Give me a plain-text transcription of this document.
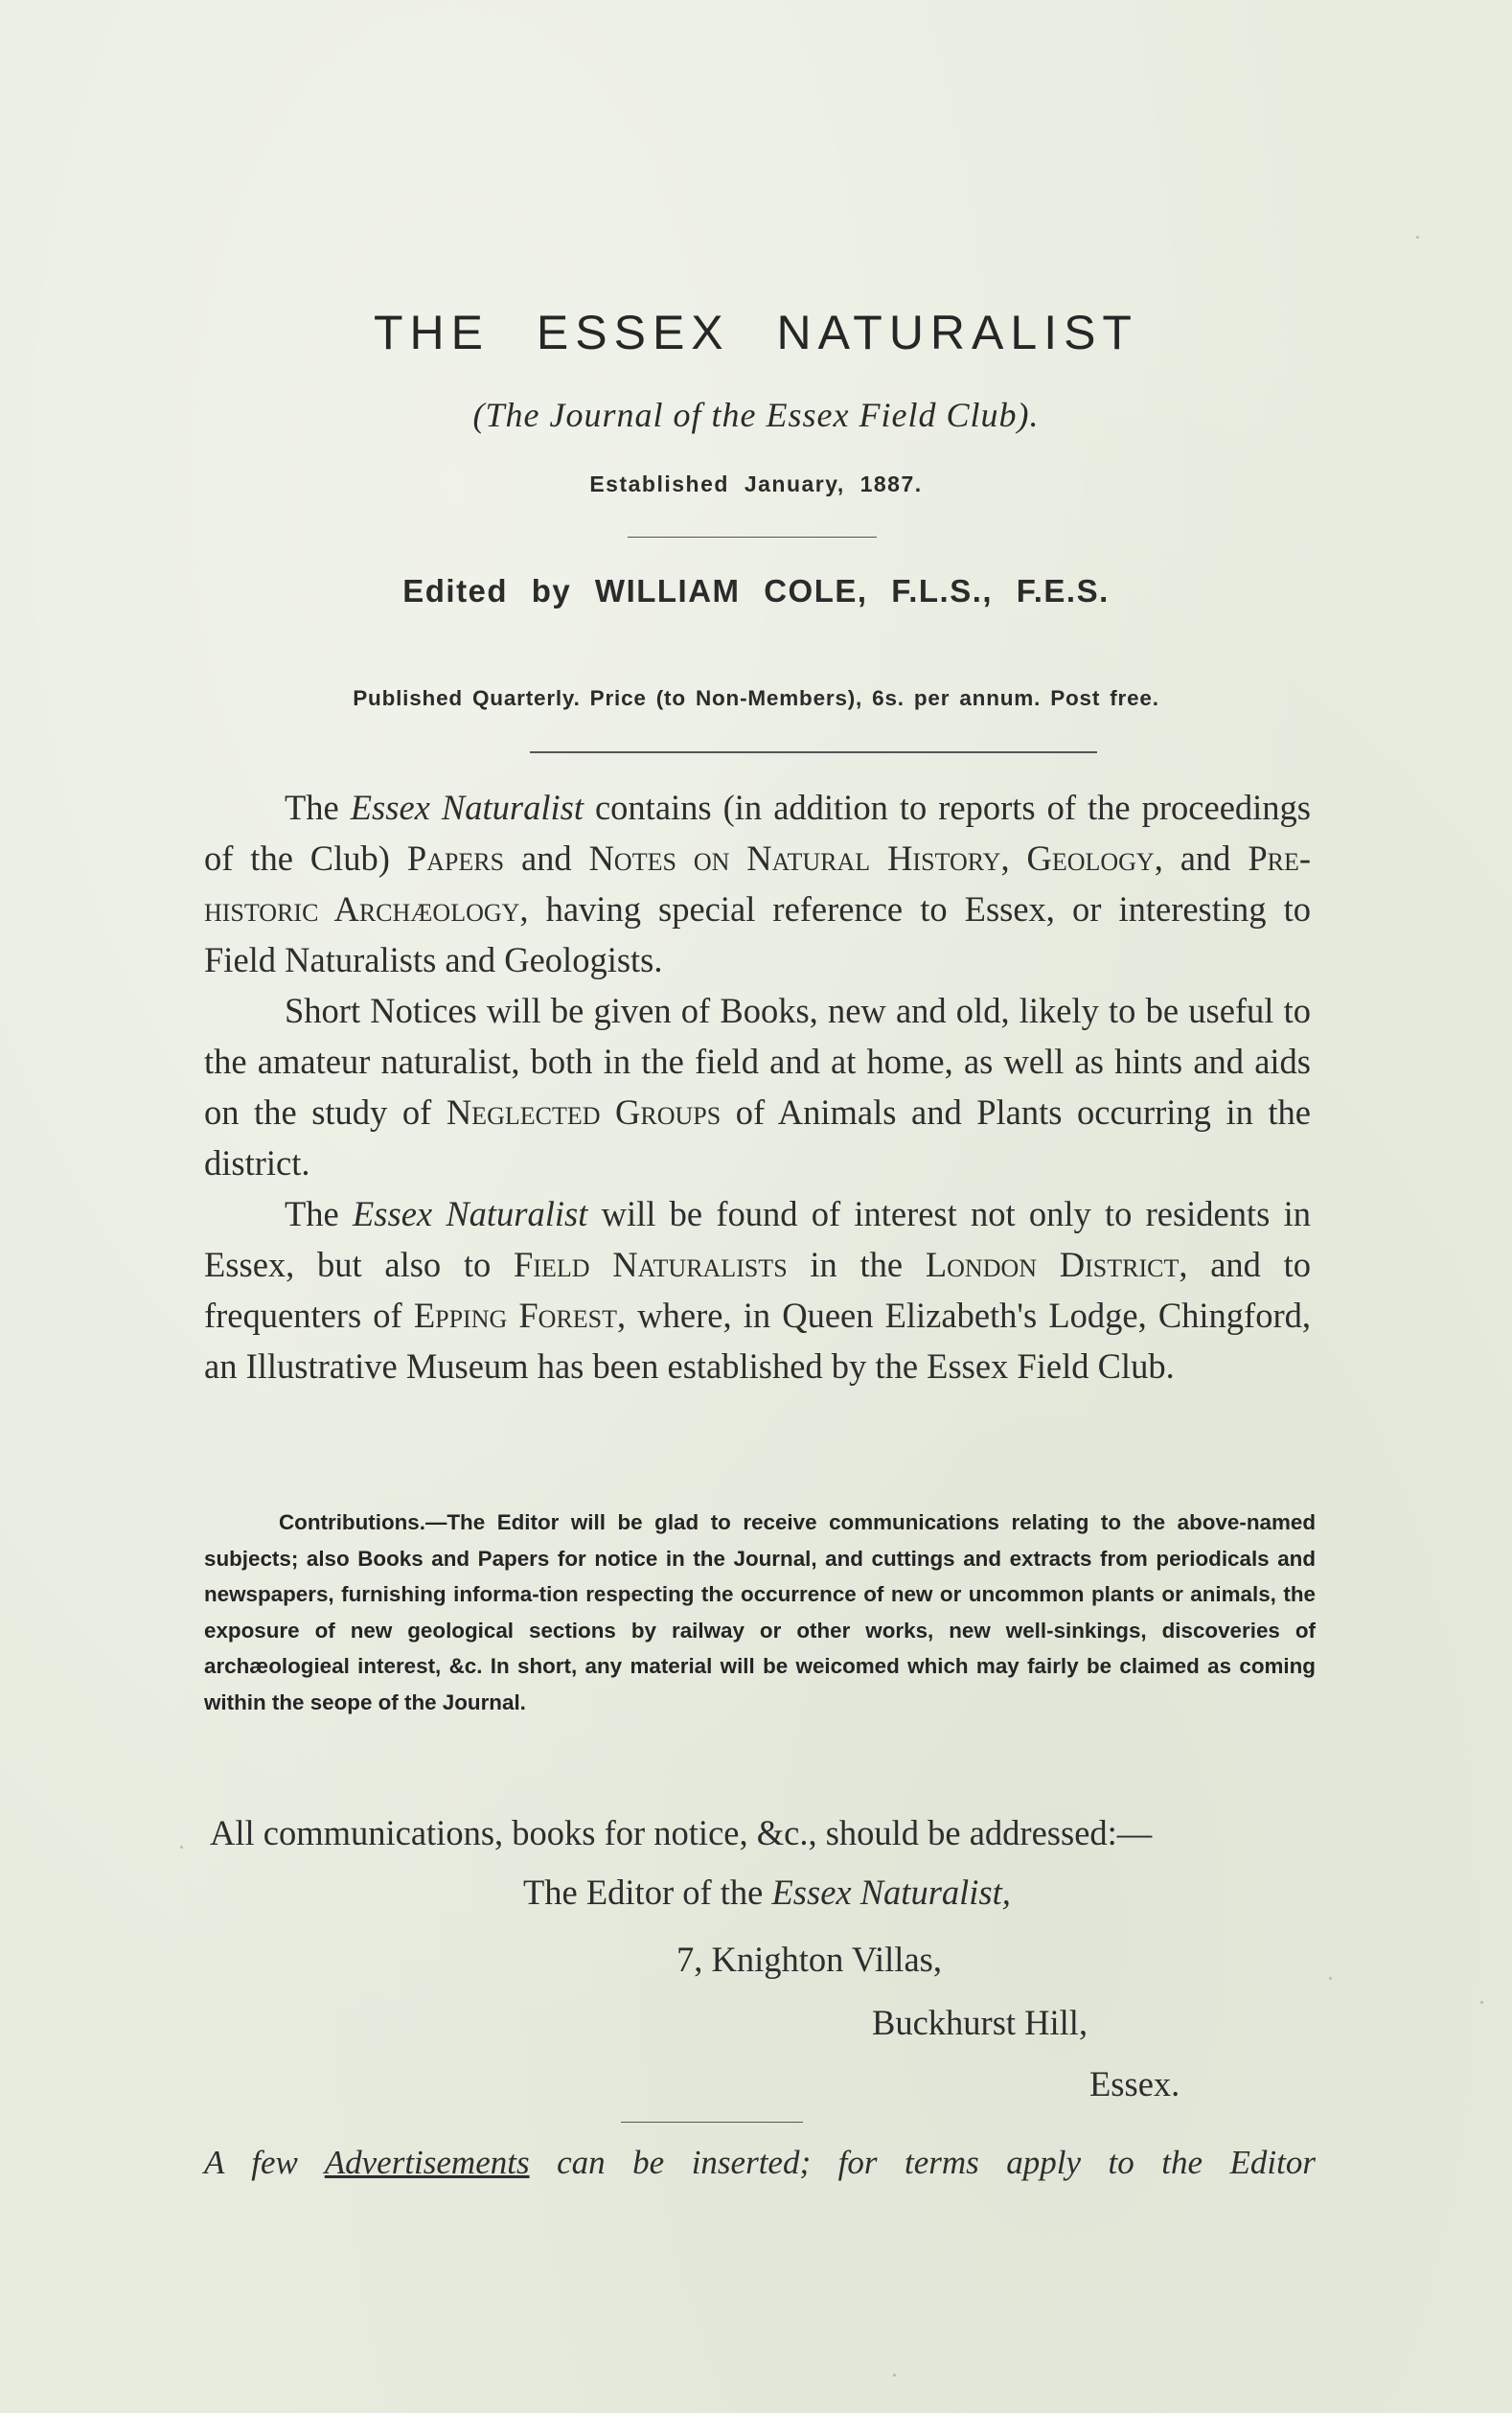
THE ESSEX NATURALIST
(The Journal of the Essex Field Club).
Established January, 1887.
Edited by WILLIAM COLE, F.L.S., F.E.S.
Published Quarterly. Price (to Non-Members), 6s. per annum. Post free.

The Essex Naturalist contains (in addition to reports of the proceedings of the Club) Papers and Notes on Natural History, Geology, and Pre-historic Archæology, having special reference to Essex, or interesting to Field Naturalists and Geologists.

Short Notices will be given of Books, new and old, likely to be useful to the amateur naturalist, both in the field and at home, as well as hints and aids on the study of Neglected Groups of Animals and Plants occurring in the district.

The Essex Naturalist will be found of interest not only to residents in Essex, but also to Field Naturalists in the London District, and to frequenters of Epping Forest, where, in Queen Elizabeth's Lodge, Chingford, an Illustrative Museum has been established by the Essex Field Club.

Contributions.—The Editor will be glad to receive communications relating to the above-named subjects; also Books and Papers for notice in the Journal, and cuttings and extracts from periodicals and newspapers, furnishing informa-tion respecting the occurrence of new or uncommon plants or animals, the exposure of new geological sections by railway or other works, new well-sinkings, discoveries of archæologieal interest, &c. In short, any material will be weicomed which may fairly be claimed as coming within the seope of the Journal.

All communications, books for notice, &c., should be addressed:—
The Editor of the Essex Naturalist,
7, Knighton Villas,
Buckhurst Hill,
Essex.
A few Advertisements can be inserted; for terms apply to the Editor
